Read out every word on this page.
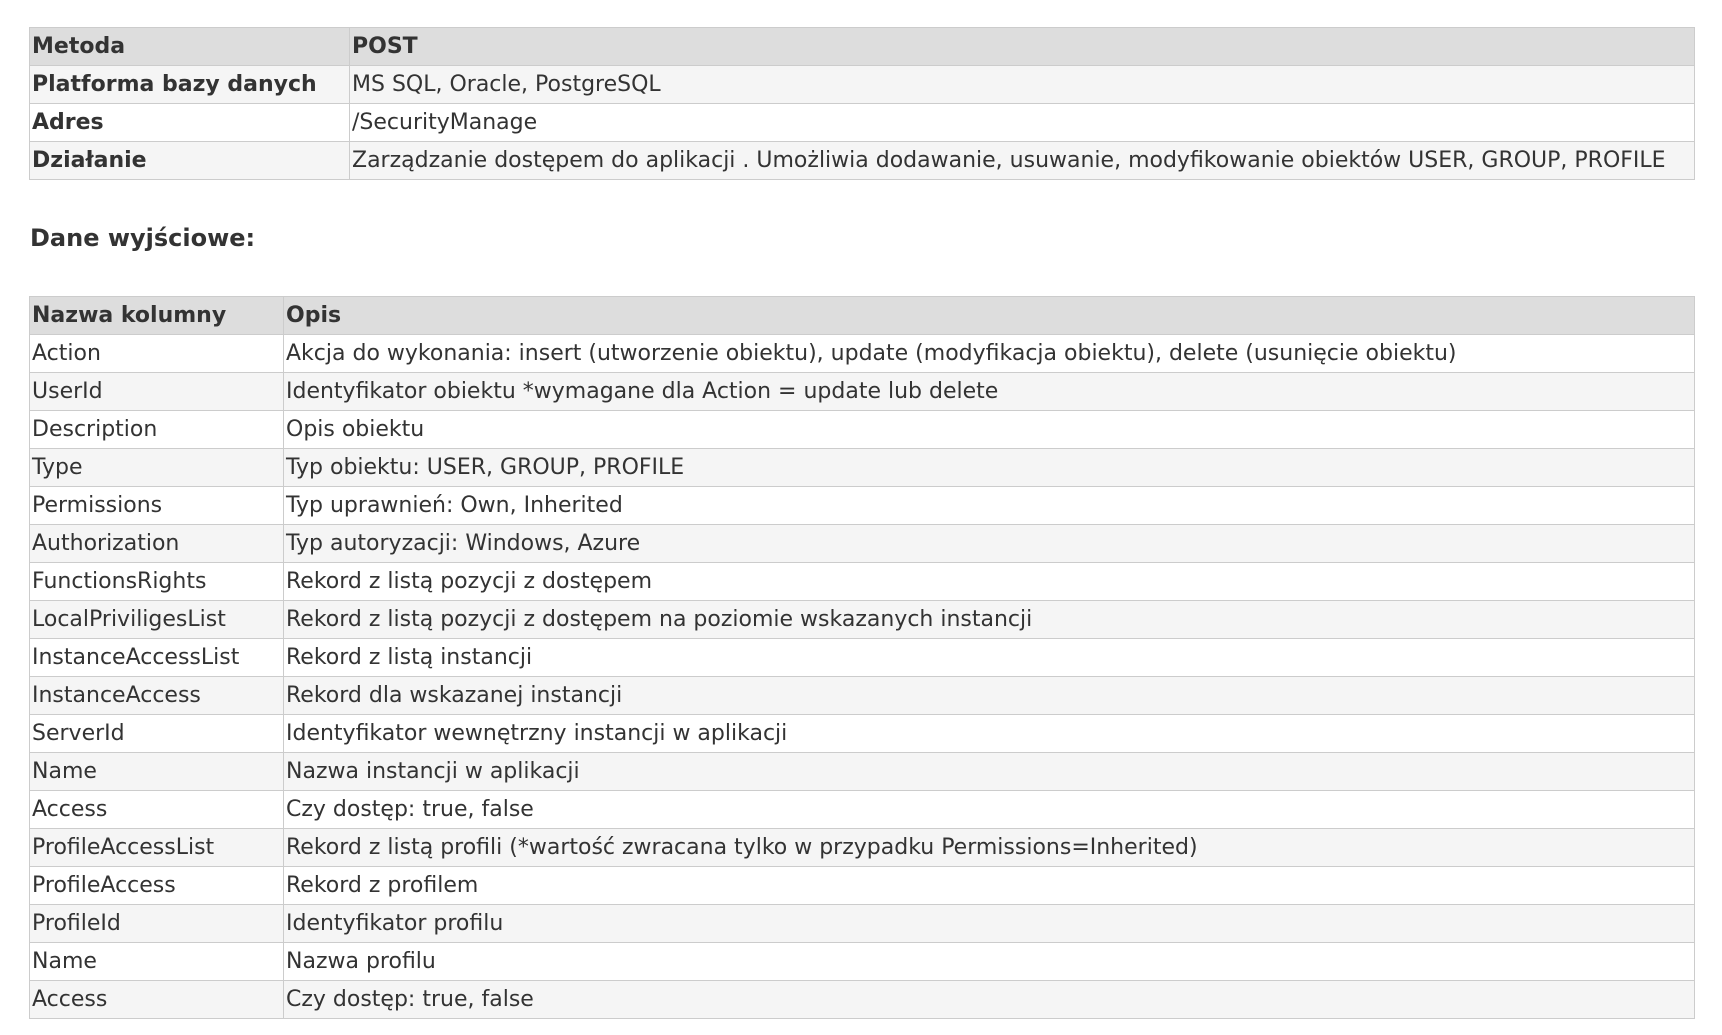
Metoda	POST
Platforma bazy danych	MS SQL, Oracle, PostgreSQL
Adres	/SecurityManage
Działanie	Zarządzanie dostępem do aplikacji . Umożliwia dodawanie, usuwanie, modyfikowanie obiektów USER, GROUP, PROFILE
Dane wyjściowe:
Nazwa kolumny	Opis
Action	Akcja do wykonania: insert (utworzenie obiektu), update (modyfikacja obiektu), delete (usunięcie obiektu)
UserId	Identyfikator obiektu *wymagane dla Action = update lub delete
Description	Opis obiektu
Type	Typ obiektu: USER, GROUP, PROFILE
Permissions	Typ uprawnień: Own, Inherited
Authorization	Typ autoryzacji: Windows, Azure
FunctionsRights	Rekord z listą pozycji z dostępem
LocalPriviligesList	Rekord z listą pozycji z dostępem na poziomie wskazanych instancji
InstanceAccessList	Rekord z listą instancji
InstanceAccess	Rekord dla wskazanej instancji
ServerId	Identyfikator wewnętrzny instancji w aplikacji
Name	Nazwa instancji w aplikacji
Access	Czy dostęp: true, false
ProfileAccessList	Rekord z listą profili (*wartość zwracana tylko w przypadku Permissions=Inherited)
ProfileAccess	Rekord z profilem
ProfileId	Identyfikator profilu
Name	Nazwa profilu
Access	Czy dostęp: true, false
